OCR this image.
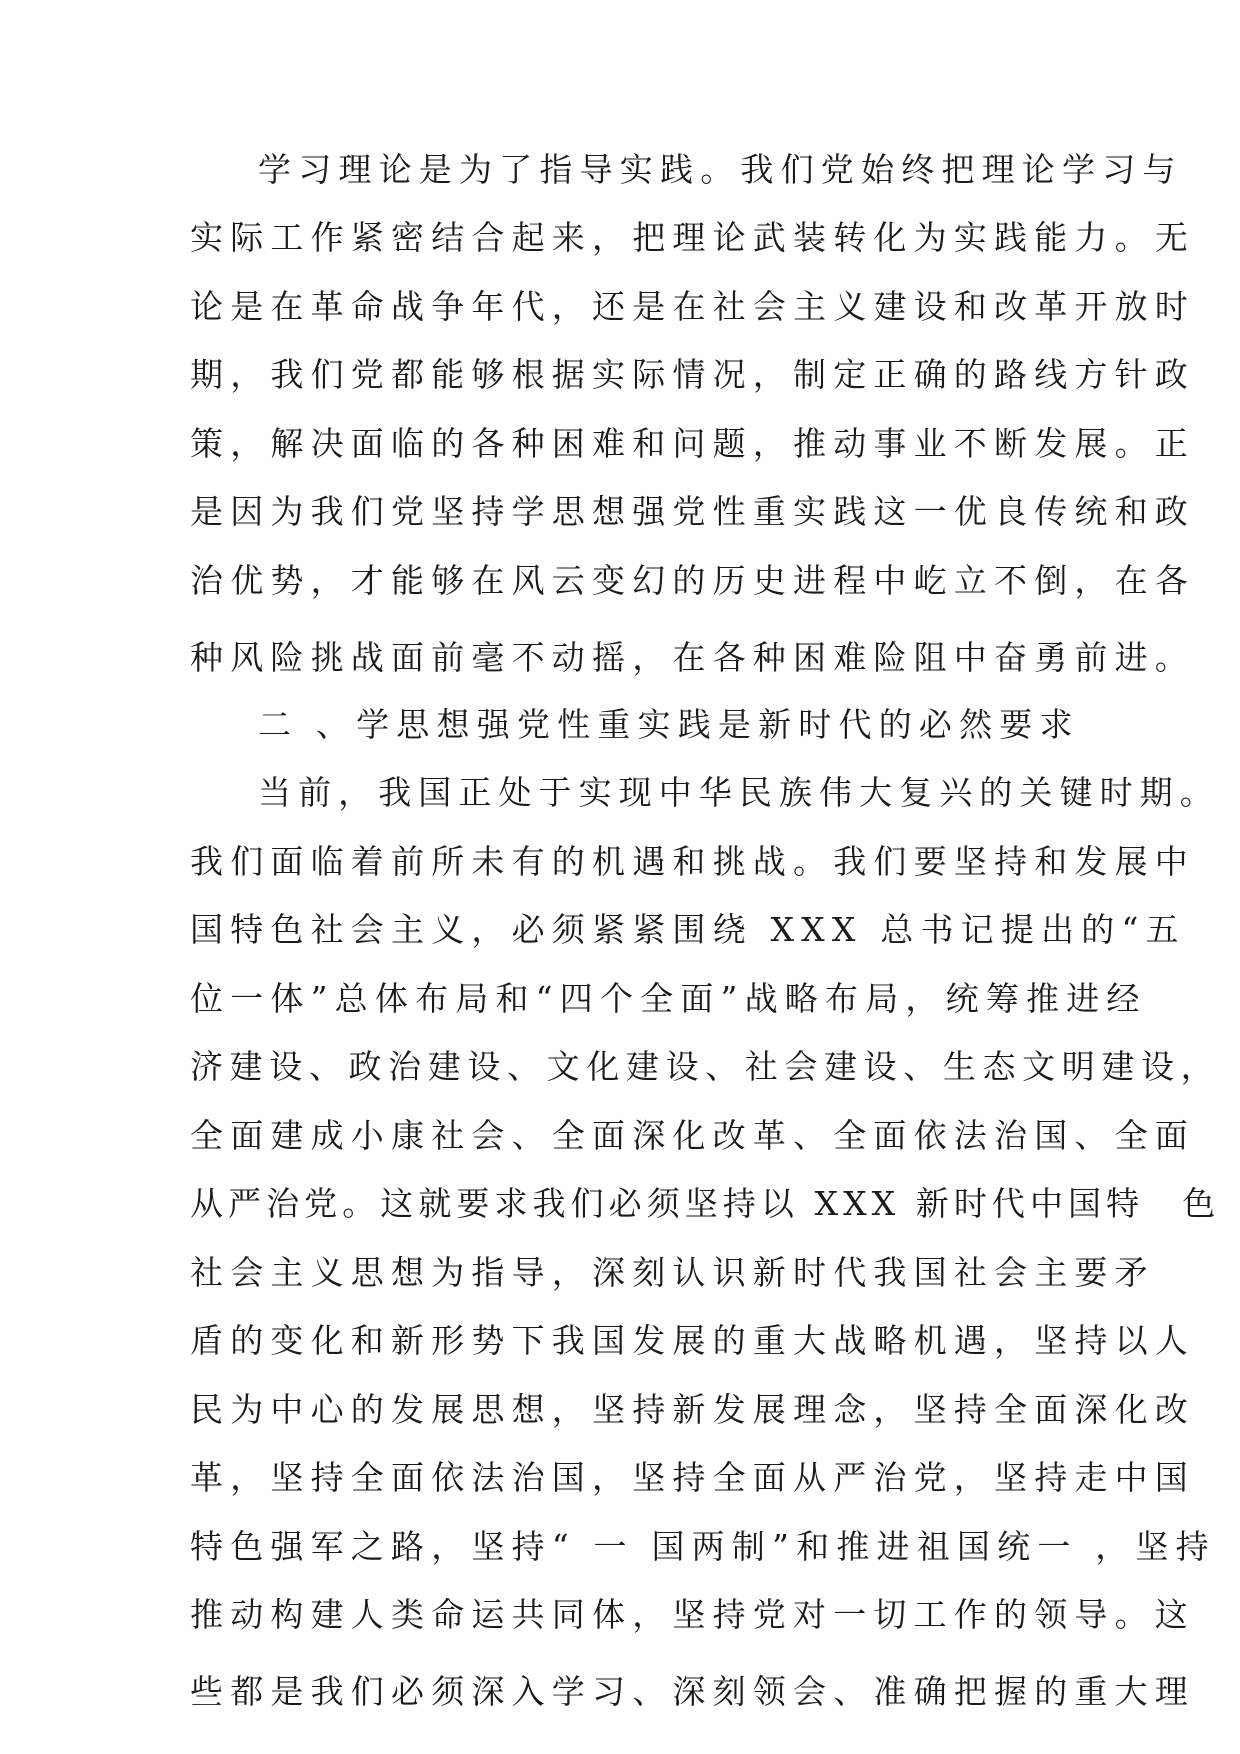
学习理论是为了指导实践。我们党始终把理论学习与
实际工作紧密结合起来，把理论武装转化为实践能力。无
论是在革命战争年代，还是在社会主义建设和改革开放时
期，我们党都能够根据实际情况，制定正确的路线方针政
策，解决面临的各种困难和问题，推动事业不断发展。正
是因为我们党坚持学思想强党性重实践这一优良传统和政
治优势，才能够在风云变幻的历史进程中屹立不倒，在各
种风险挑战面前毫不动摇，在各种困难险阻中奋勇前进。
二 、学思想强党性重实践是新时代的必然要求
当前，我国正处于实现中华民族伟大复兴的关键时期。
我们面临着前所未有的机遇和挑战。我们要坚持和发展中
国特色社会主义，必须紧紧围绕 XXX 总书记提出的“五
位一体”总体布局和“四个全面”战略布局，统筹推进经
济建设、政治建设、文化建设、社会建设、生态文明建设，
全面建成小康社会、全面深化改革、全面依法治国、全面
从严治党。这就要求我们必须坚持以 XXX 新时代中国特　色
社会主义思想为指导，深刻认识新时代我国社会主要矛
盾的变化和新形势下我国发展的重大战略机遇，坚持以人
民为中心的发展思想，坚持新发展理念，坚持全面深化改
革，坚持全面依法治国，坚持全面从严治党，坚持走中国
特色强军之路，坚持“ 一 国两制”和推进祖国统一 ，坚持
推动构建人类命运共同体，坚持党对一切工作的领导。这
些都是我们必须深入学习、深刻领会、准确把握的重大理
